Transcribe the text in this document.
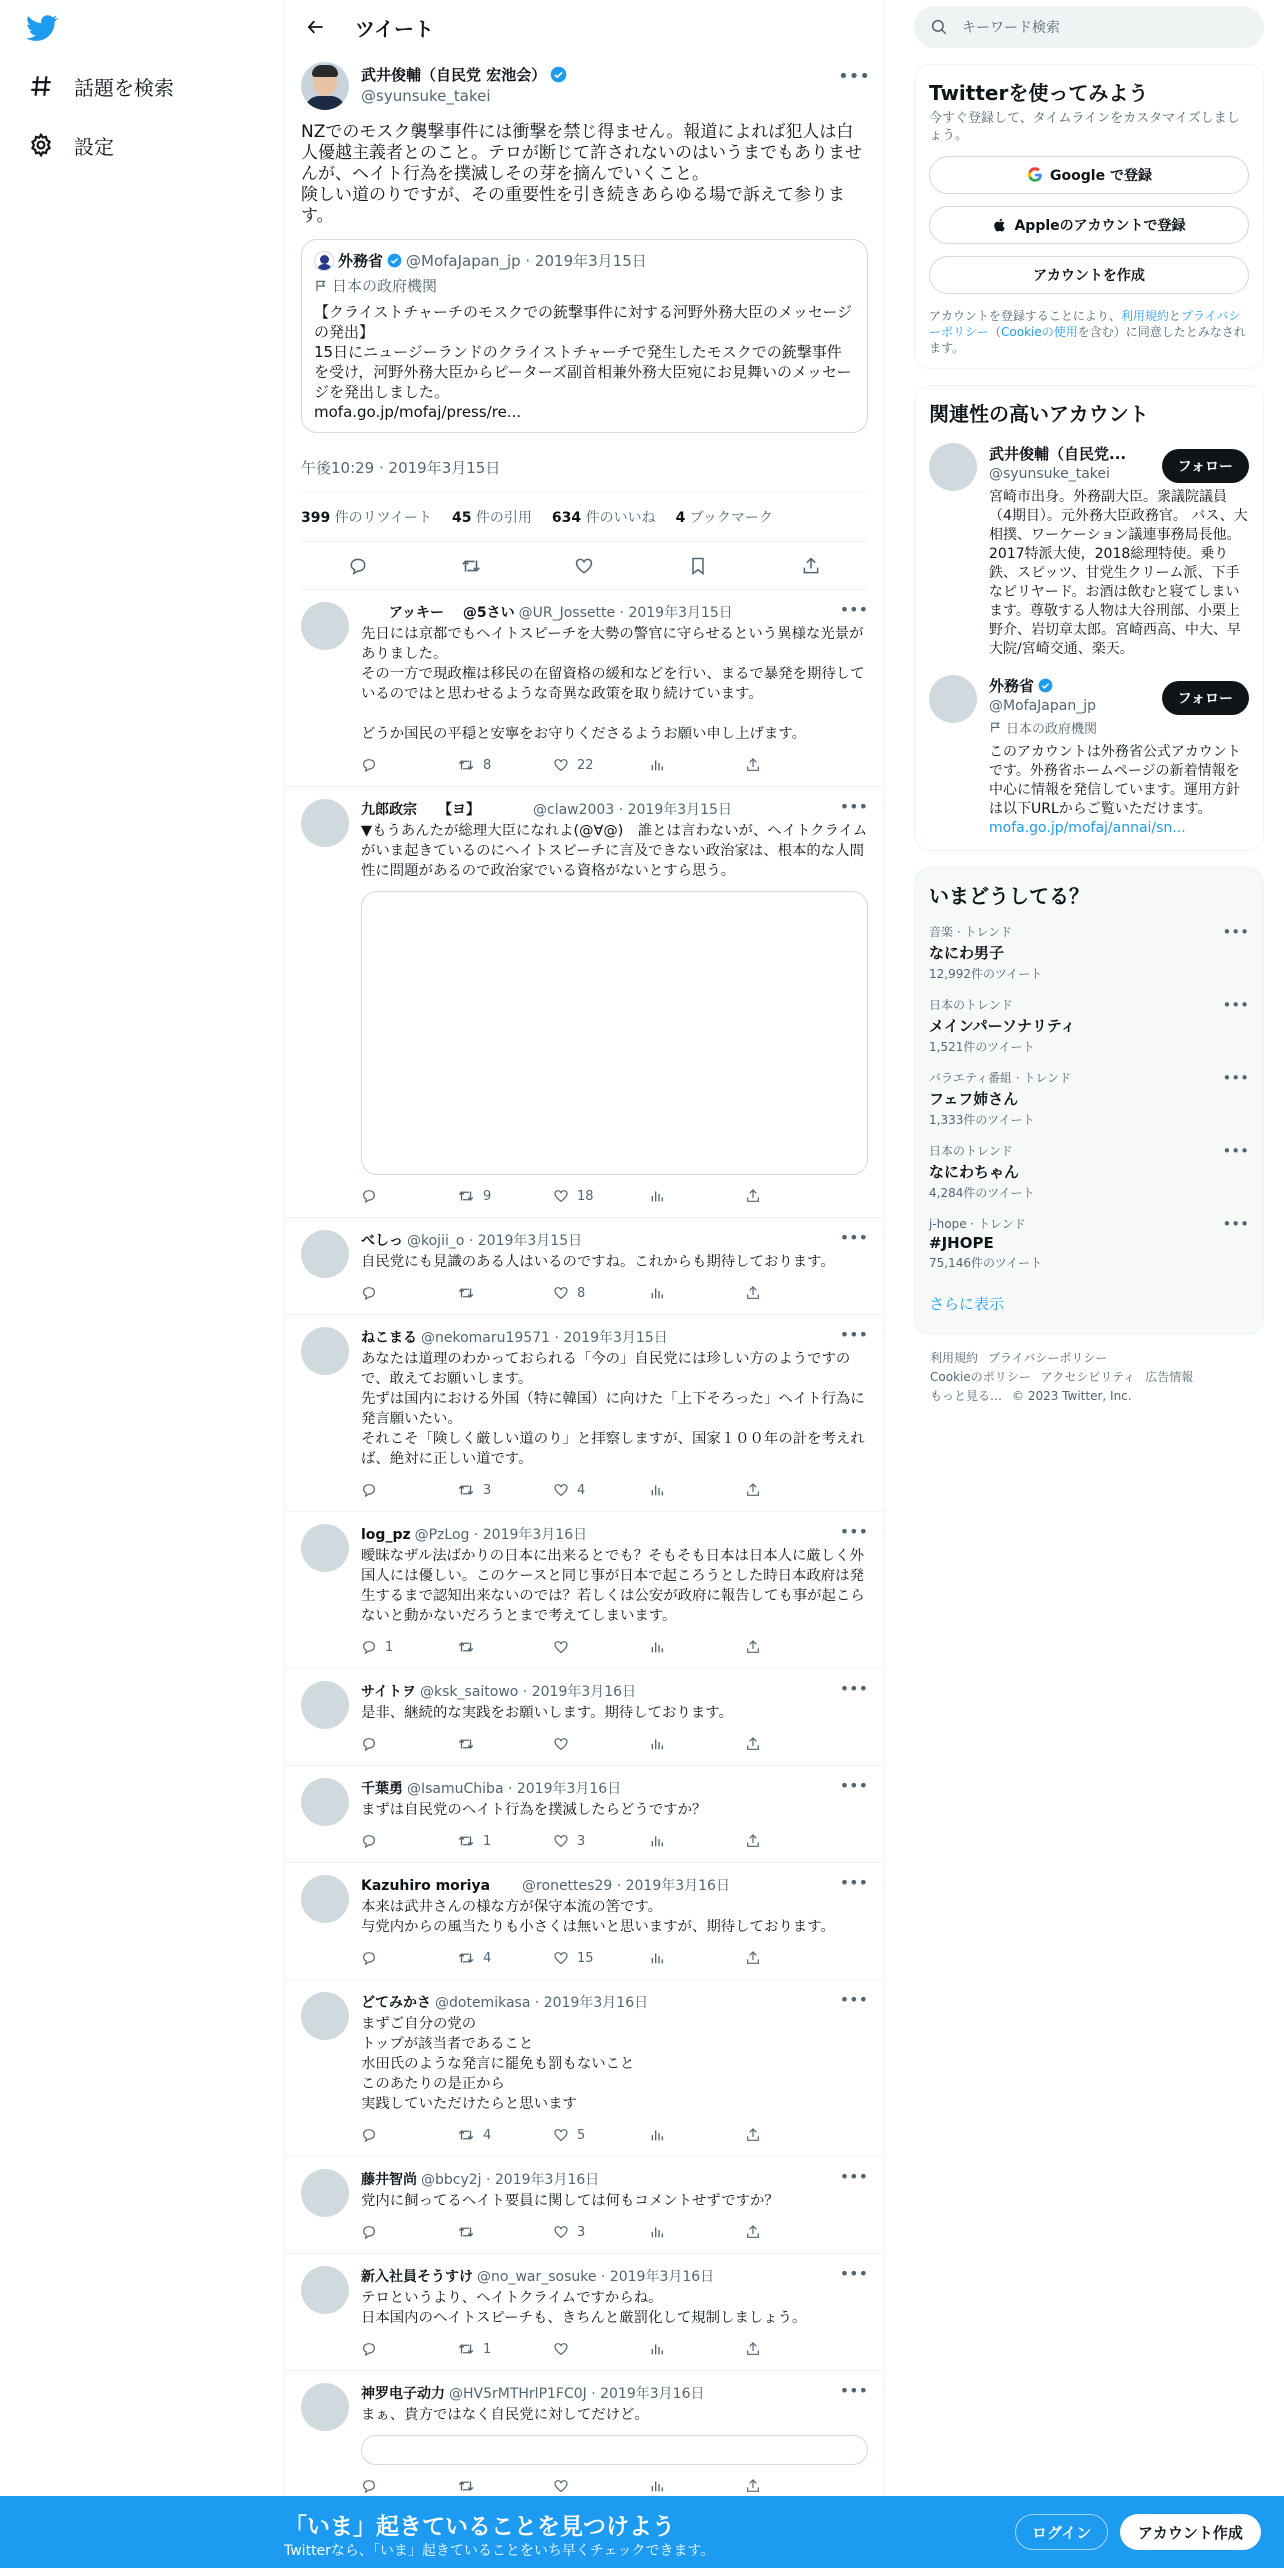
話題を検索
設定
ツイート
武井俊輔（自民党 宏池会）
@syunsuke_takei
•••
NZでのモスク襲撃事件には衝撃を禁じ得ません。報道によれば犯人は白人優越主義者とのこと。テロが断じて許されないのはいうまでもありませんが、ヘイト行為を撲滅しその芽を摘んでいくこと。
険しい道のりですが、その重要性を引き続きあらゆる場で訴えて参ります。
外務省 @MofaJapan_jp · 2019年3月15日
日本の政府機関
【クライストチャーチのモスクでの銃撃事件に対する河野外務大臣のメッセージの発出】
15日にニュージーランドのクライストチャーチで発生したモスクでの銃撃事件を受け，河野外務大臣からピーターズ副首相兼外務大臣宛にお見舞いのメッセージを発出しました。
mofa.go.jp/mofaj/press/re...
午後10:29 · 2019年3月15日
399 件のリツイート 45 件の引用 634 件のいいね 4 ブックマーク
　　アッキー　 @5さい @UR_Jossette · 2019年3月15日
先日には京都でもヘイトスピーチを大勢の警官に守らせるという異様な光景がありました。
その一方で現政権は移民の在留資格の緩和などを行い、まるで暴発を期待しているのではと思わせるような奇異な政策を取り続けています。

どうか国民の平穏と安寧をお守りくださるようお願い申し上げます。
8	22
•••
九郎政宗　　【ヨ】　　　　@claw2003 · 2019年3月15日
▼もうあんたが総理大臣になれよ(@∀@)　誰とは言わないが、ヘイトクライムがいま起きているのにヘイトスピーチに言及できない政治家は、根本的な人間性に問題があるので政治家でいる資格がないとすら思う。
9	18
•••
べしっ @kojii_o · 2019年3月15日
自民党にも見識のある人はいるのですね。これからも期待しております。
8
•••
ねこまる @nekomaru19571 · 2019年3月15日
あなたは道理のわかっておられる「今の」自民党には珍しい方のようですので、敢えてお願いします。
先ずは国内における外国（特に韓国）に向けた「上下そろった」ヘイト行為に発言願いたい。
それこそ「険しく厳しい道のり」と拝察しますが、国家１００年の計を考えれば、絶対に正しい道です。
3	4
•••
log_pz @PzLog · 2019年3月16日
曖昧なザル法ばかりの日本に出来るとでも？そもそも日本は日本人に厳しく外国人には優しい。このケースと同じ事が日本で起ころうとした時日本政府は発生するまで認知出来ないのでは？若しくは公安が政府に報告しても事が起こらないと動かないだろうとまで考えてしまいます。
1
•••
サイトヲ @ksk_saitowo · 2019年3月16日
是非、継続的な実践をお願いします。期待しております。
•••
千葉勇 @IsamuChiba · 2019年3月16日
まずは自民党のヘイト行為を撲滅したらどうですか？
1	3
•••
Kazuhiro moriya　　@ronettes29 · 2019年3月16日
本来は武井さんの様な方が保守本流の筈です。
与党内からの風当たりも小さくは無いと思いますが、期待しております。
4	15
•••
どてみかさ @dotemikasa · 2019年3月16日
まずご自分の党の
トップが該当者であること
水田氏のような発言に罷免も罰もないこと
このあたりの是正から
実践していただけたらと思います
4	5
•••
藤井智尚 @bbcy2j · 2019年3月16日
党内に飼ってるヘイト要員に関しては何もコメントせずですか？
3
•••
新入社員そうすけ @no_war_sosuke · 2019年3月16日
テロというより、ヘイトクライムですからね。
日本国内のヘイトスピーチも、きちんと厳罰化して規制しましょう。
1
•••
神罗电子动力 @HV5rMTHrlP1FC0J · 2019年3月16日
まぁ、貴方ではなく自民党に対してだけど。
•••
キーワード検索
Twitterを使ってみよう
今すぐ登録して、タイムラインをカスタマイズしましょう。
Google で登録
Appleのアカウントで登録
アカウントを作成
アカウントを登録することにより、利用規約とプライバシーポリシー（Cookieの使用を含む）に同意したとみなされます。
関連性の高いアカウント
武井俊輔（自民党...
@syunsuke_takei
宮崎市出身。外務副大臣。衆議院議員（4期目）。元外務大臣政務官。 バス、大相撲、ワーケーション議連事務局長他。2017特派大使，2018総理特使。乗り鉄、スピッツ、甘党生クリーム派、下手なピリヤード。お酒は飲むと寝てしまいます。尊敬する人物は大谷刑部、小栗上野介、岩切章太郎。宮崎西高、中大、早大院/宮崎交通、楽天。
フォロー
外務省
@MofaJapan_jp
日本の政府機関
このアカウントは外務省公式アカウントです。外務省ホームページの新着情報を中心に情報を発信しています。運用方針は以下URLからご覧いただけます。mofa.go.jp/mofaj/annai/sn...
フォロー
いまどうしてる？
音楽 · トレンド
なにわ男子
12,992件のツイート
•••
日本のトレンド
メインパーソナリティ
1,521件のツイート
•••
バラエティ番組 · トレンド
フェフ姉さん
1,333件のツイート
•••
日本のトレンド
なにわちゃん
4,284件のツイート
•••
j-hope · トレンド
#JHOPE
75,146件のツイート
•••
さらに表示
利用規約 プライバシーポリシー
Cookieのポリシー アクセシビリティ 広告情報
もっと見る… © 2023 Twitter, Inc.
「いま」起きていることを見つけよう
Twitterなら、「いま」起きていることをいち早くチェックできます。
ログイン	アカウント作成
